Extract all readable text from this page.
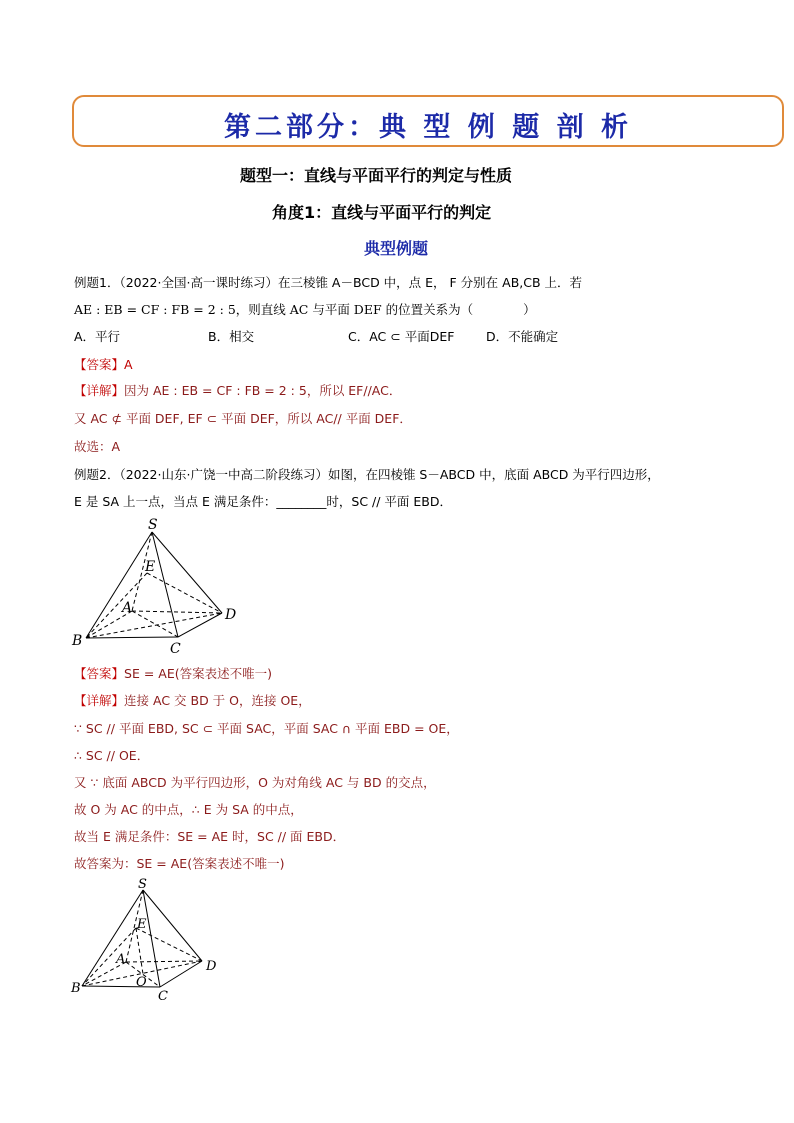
第二部分：典 型 例 题 剖 析
题型一：直线与平面平行的判定与性质
角度1：直线与平面平行的判定
典型例题
例题1．（2022·全国·高一课时练习）在三棱锥 A－BCD 中，点 E， F 分别在 AB,CB 上．若
AE : EB = CF : FB = 2 : 5，则直线 AC 与平面 DEF 的位置关系为（　　　　）
A．平行	B．相交	C．AC ⊂ 平面DEF	D．不能确定
【答案】A
【详解】因为 AE : EB = CF : FB = 2 : 5，所以 EF//AC．
又 AC ⊄ 平面 DEF, EF ⊂ 平面 DEF，所以 AC// 平面 DEF．
故选：A
例题2．（2022·山东·广饶一中高二阶段练习）如图，在四棱锥 S－ABCD 中，底面 ABCD 为平行四边形，
E 是 SA 上一点，当点 E 满足条件：________时，SC // 平面 EBD．
S
E
A	D
B	C
【答案】SE = AE(答案表述不唯一)
【详解】连接 AC 交 BD 于 O，连接 OE，
∵ SC // 平面 EBD, SC ⊂ 平面 SAC，平面 SAC ∩ 平面 EBD = OE，
∴ SC // OE．
又 ∵ 底面 ABCD 为平行四边形，O 为对角线 AC 与 BD 的交点，
故 O 为 AC 的中点，∴ E 为 SA 的中点，
故当 E 满足条件：SE = AE 时，SC // 面 EBD．
故答案为：SE = AE(答案表述不唯一)
S
E
A
O
D
B
C
